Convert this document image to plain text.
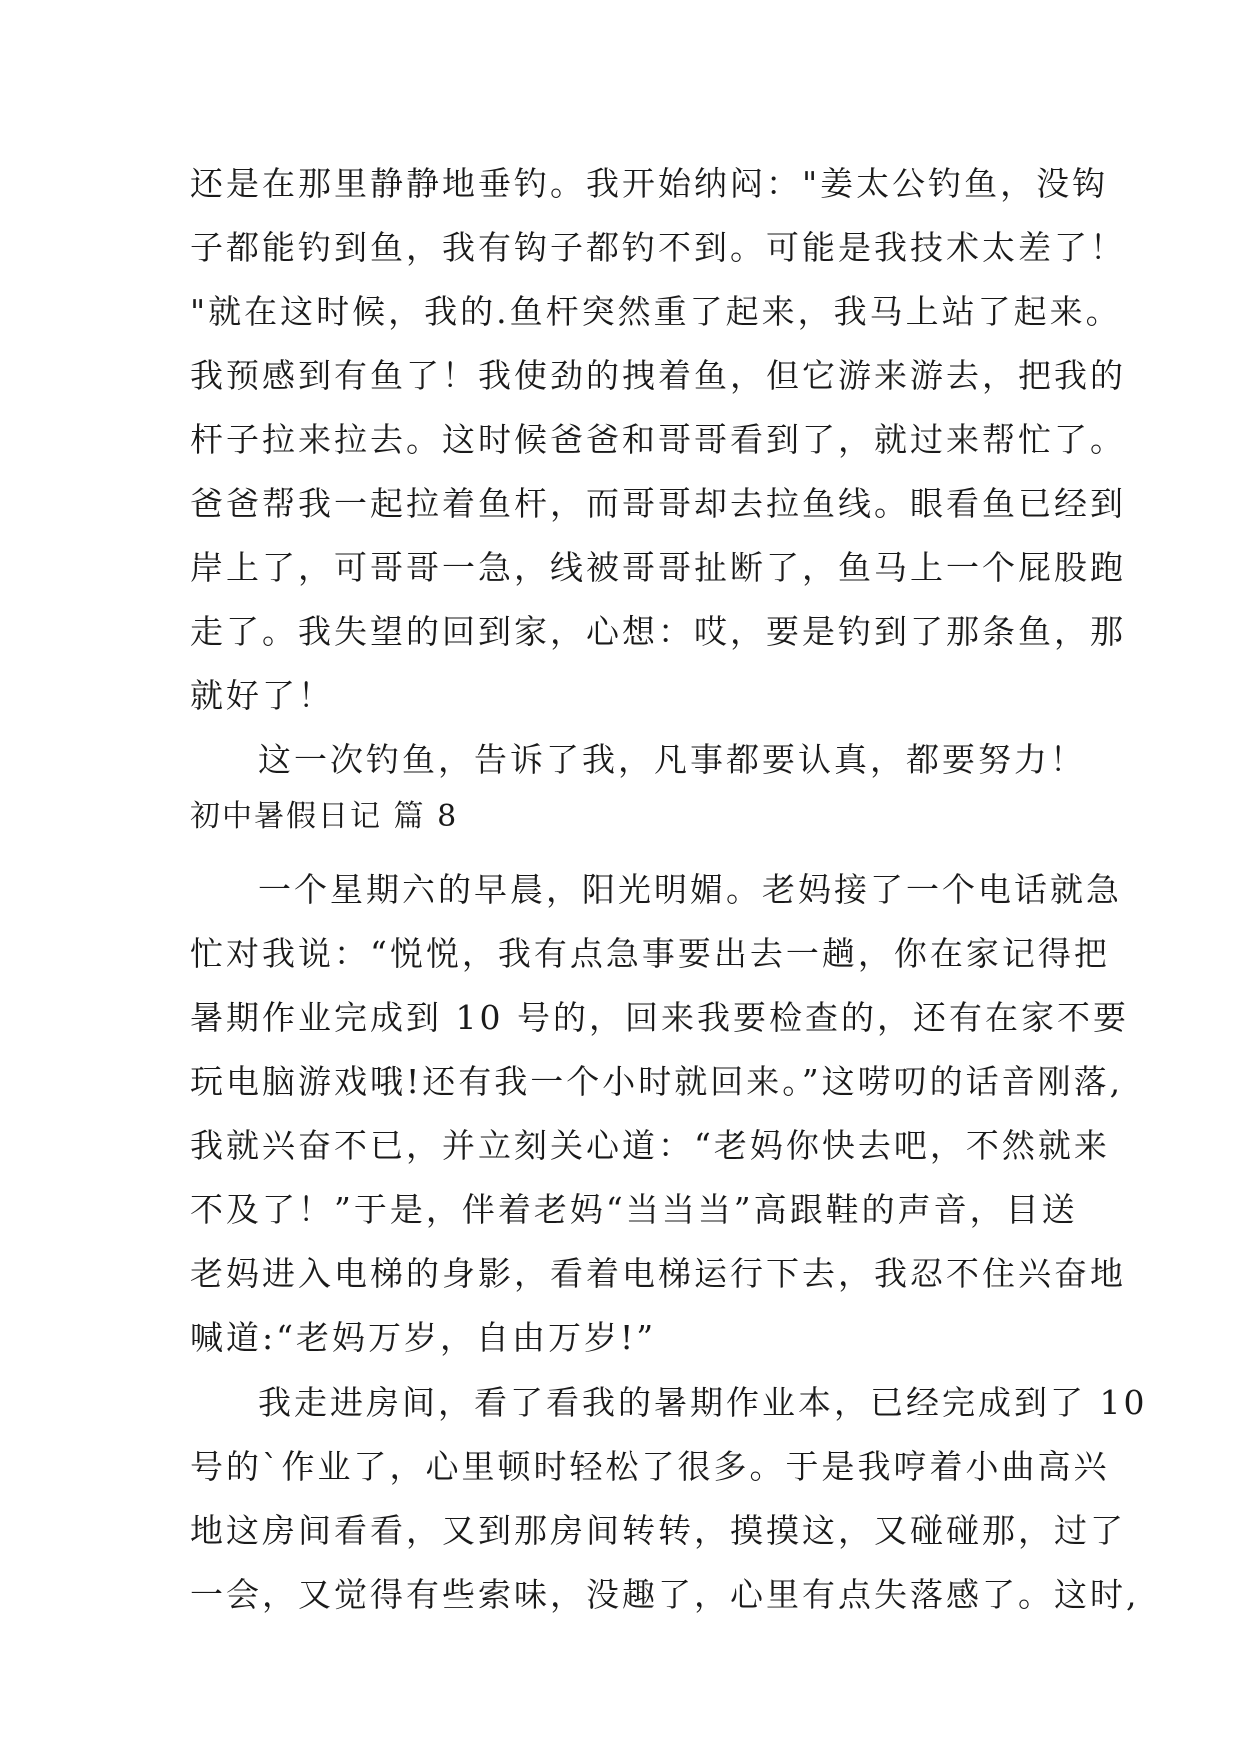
还是在那里静静地垂钓。我开始纳闷："姜太公钓鱼，没钩
子都能钓到鱼，我有钩子都钓不到。可能是我技术太差了！
"就在这时候，我的.鱼杆突然重了起来，我马上站了起来。
我预感到有鱼了！我使劲的拽着鱼，但它游来游去，把我的
杆子拉来拉去。这时候爸爸和哥哥看到了，就过来帮忙了。
爸爸帮我一起拉着鱼杆，而哥哥却去拉鱼线。眼看鱼已经到
岸上了，可哥哥一急，线被哥哥扯断了，鱼马上一个屁股跑
走了。我失望的回到家，心想：哎，要是钓到了那条鱼，那
就好了！
这一次钓鱼，告诉了我，凡事都要认真，都要努力！
初中暑假日记 篇 8
一个星期六的早晨，阳光明媚。老妈接了一个电话就急
忙对我说：“悦悦，我有点急事要出去一趟，你在家记得把
暑期作业完成到 10 号的，回来我要检查的，还有在家不要
玩电脑游戏哦!还有我一个小时就回来。”这唠叨的话音刚落,
我就兴奋不已，并立刻关心道：“老妈你快去吧，不然就来
不及了！”于是，伴着老妈“当当当”高跟鞋的声音，目送
老妈进入电梯的身影，看着电梯运行下去，我忍不住兴奋地
喊道:“老妈万岁，自由万岁!”
我走进房间，看了看我的暑期作业本，已经完成到了 10
号的`作业了，心里顿时轻松了很多。于是我哼着小曲高兴
地这房间看看，又到那房间转转，摸摸这，又碰碰那，过了
一会，又觉得有些索味，没趣了，心里有点失落感了。这时,
